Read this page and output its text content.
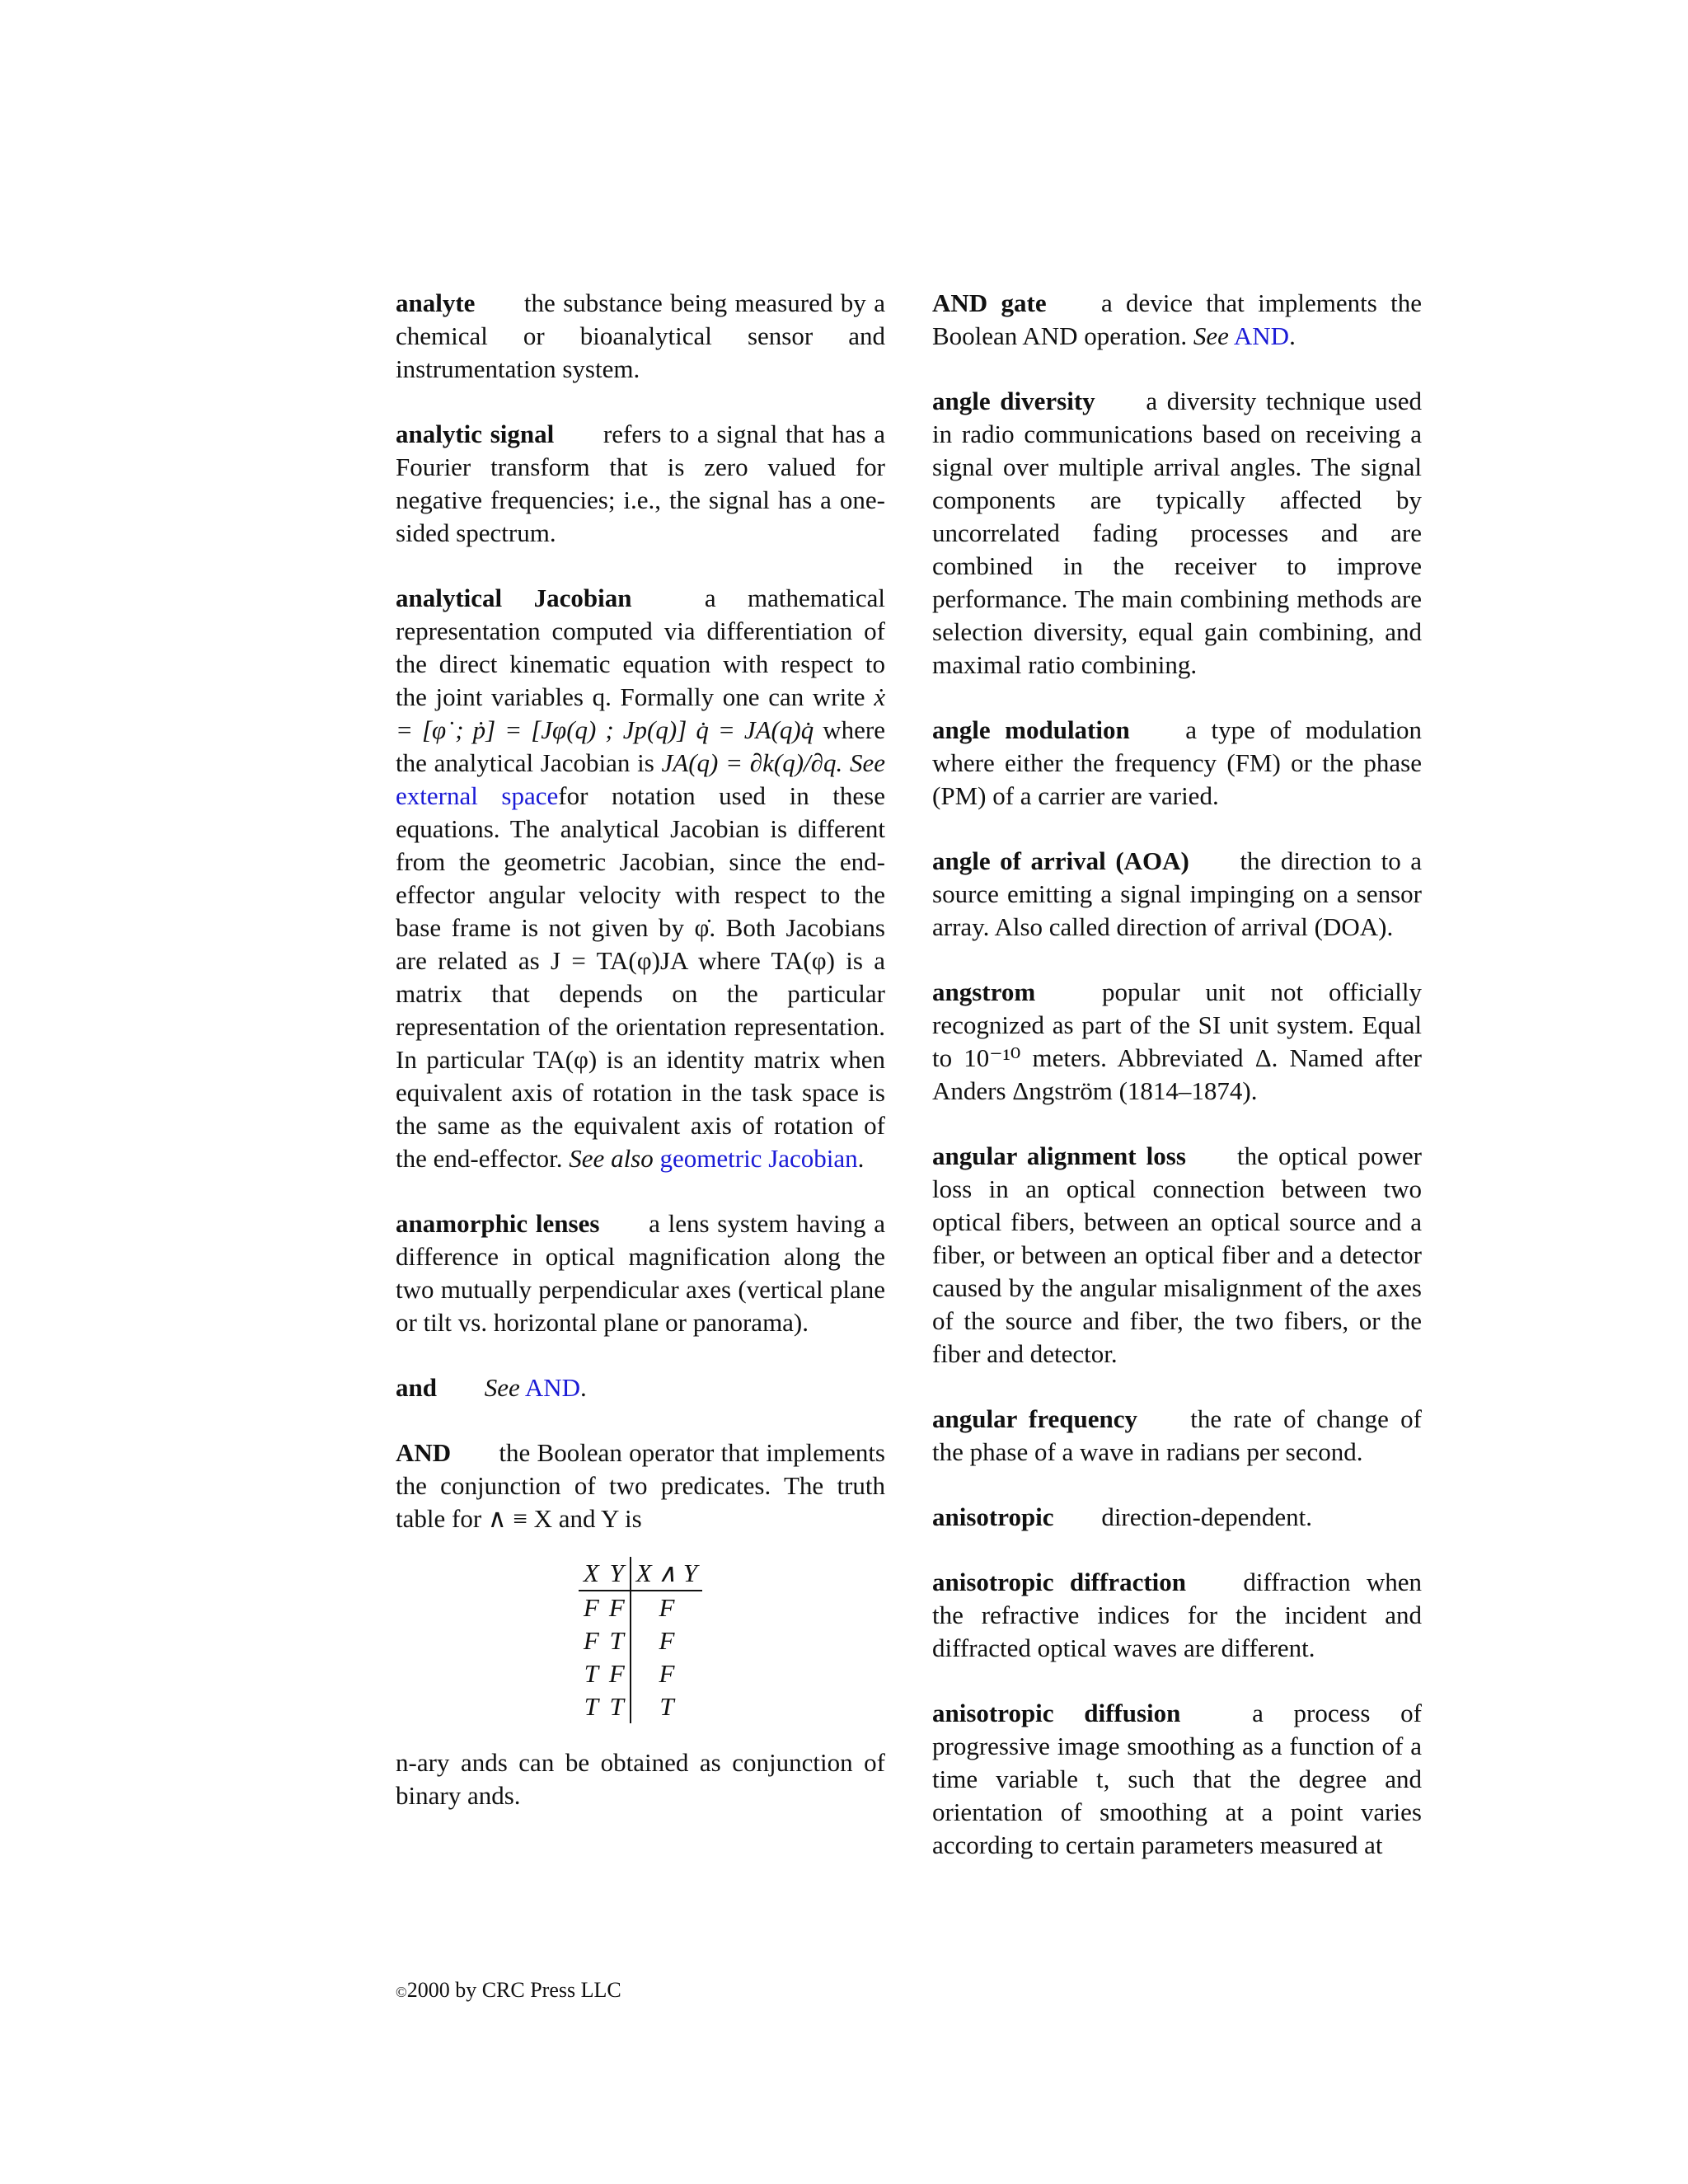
analyte the substance being measured by a chemical or bioanalytical sensor and instrumentation system.

analytic signal refers to a signal that has a Fourier transform that is zero valued for negative frequencies; i.e., the signal has a one-sided spectrum.

analytical Jacobian	a mathematical representation computed via differentiation of the direct kinematic equation with respect to the joint variables q. Formally one can write ẋ = [φ̇ ; ṗ] = [Jφ(q) ; Jp(q)] q̇ = JA(q)q̇ where the analytical Jacobian is JA(q) = ∂k(q)/∂q. See external spacefor notation used in these equations. The analytical Jacobian is different from the geometric Jacobian, since the end-effector angular velocity with respect to the base frame is not given by φ̇. Both Jacobians are related as J = TA(φ)JA where TA(φ) is a matrix that depends on the particular representation of the orientation representation. In particular TA(φ) is an identity matrix when equivalent axis of rotation in the task space is the same as the equivalent axis of rotation of the end-effector. See also geometric Jacobian.

anamorphic lenses a lens system having a difference in optical magnification along the two mutually perpendicular axes (vertical plane or tilt vs. horizontal plane or panorama).

and See AND.

AND the Boolean operator that implements the conjunction of two predicates. The truth table for ∧ ≡ X and Y is
X	Y	X ∧ Y
F	F	F
F	T	F
T	F	F
T	T	T
n-ary ands can be obtained as conjunction of binary ands.

AND gate a device that implements the Boolean AND operation. See AND.

angle diversity a diversity technique used in radio communications based on receiving a signal over multiple arrival angles. The signal components are typically affected by uncorrelated fading processes and are combined in the receiver to improve performance. The main combining methods are selection diversity, equal gain combining, and maximal ratio combining.

angle modulation a type of modulation where either the frequency (FM) or the phase (PM) of a carrier are varied.

angle of arrival (AOA) the direction to a source emitting a signal impinging on a sensor array. Also called direction of arrival (DOA).

angstrom	popular unit not officially recognized as part of the SI unit system. Equal to 10⁻¹⁰ meters. Abbreviated Δ. Named after Anders Δngström (1814–1874).

angular alignment loss the optical power loss in an optical connection between two optical fibers, between an optical source and a fiber, or between an optical fiber and a detector caused by the angular misalignment of the axes of the source and fiber, the two fibers, or the fiber and detector.

angular frequency the rate of change of the phase of a wave in radians per second.

anisotropic direction-dependent.

anisotropic diffraction diffraction when the refractive indices for the incident and diffracted optical waves are different.

anisotropic diffusion	a process of progressive image smoothing as a function of a time variable t, such that the degree and orientation of smoothing at a point varies according to certain parameters measured at

©2000 by CRC Press LLC
